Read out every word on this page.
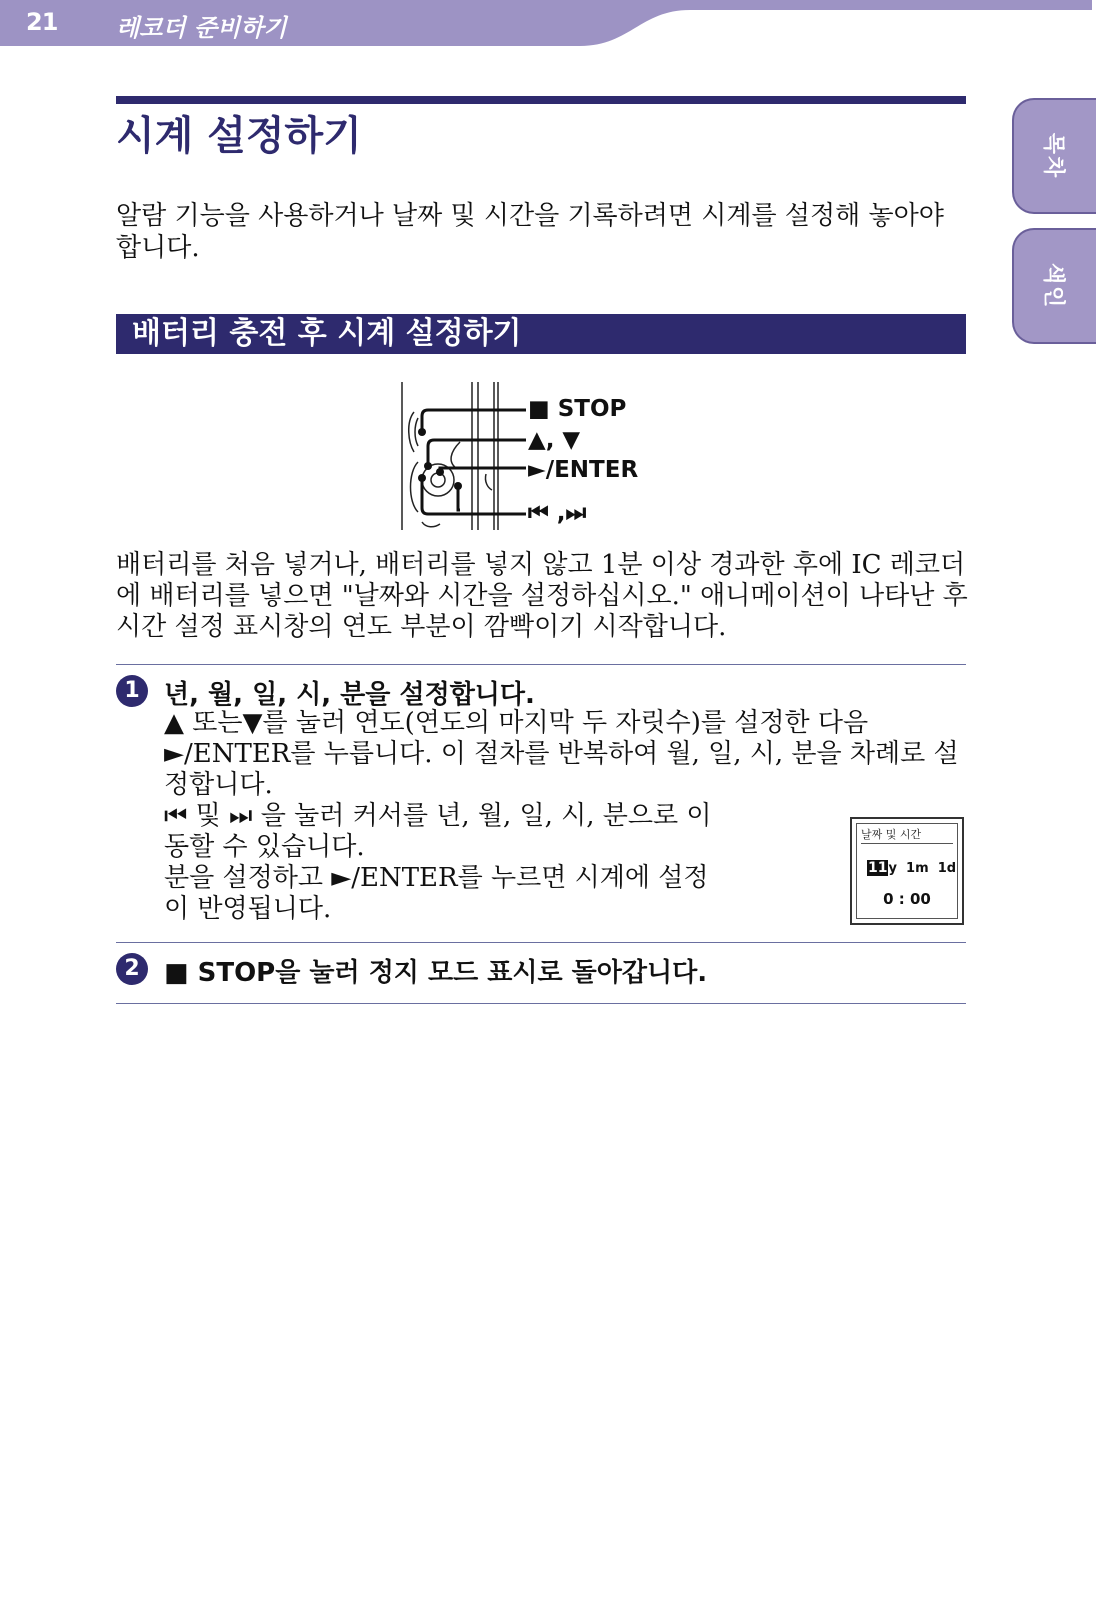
21 레코더 준비하기
목차
색인
시계 설정하기

알람 기능을 사용하거나 날짜 및 시간을 기록하려면 시계를 설정해 놓아야 합니다.

배터리 충전 후 시계 설정하기
■ STOP
▲, ▼
►/ENTER
⏮ ,⏭

배터리를 처음 넣거나, 배터리를 넣지 않고 1분 이상 경과한 후에 IC 레코더에 배터리를 넣으면 "날짜와 시간을 설정하십시오." 애니메이션이 나타난 후 시간 설정 표시창의 연도 부분이 깜빡이기 시작합니다.

1 년, 월, 일, 시, 분을 설정합니다.

▲ 또는▼를 눌러 연도(연도의 마지막 두 자릿수)를 설정한 다음 ►/ENTER를 누릅니다. 이 절차를 반복하여 월, 일, 시, 분을 차례로 설정합니다.

⏮ 및 ⏭ 을 눌러 커서를 년, 월, 일, 시, 분으로 이동할 수 있습니다.

분을 설정하고 ►/ENTER를 누르면 시계에 설정이 반영됩니다.

날짜 및 시간
11y 1m 1d
0 : 00
2 ■ STOP을 눌러 정지 모드 표시로 돌아갑니다.
